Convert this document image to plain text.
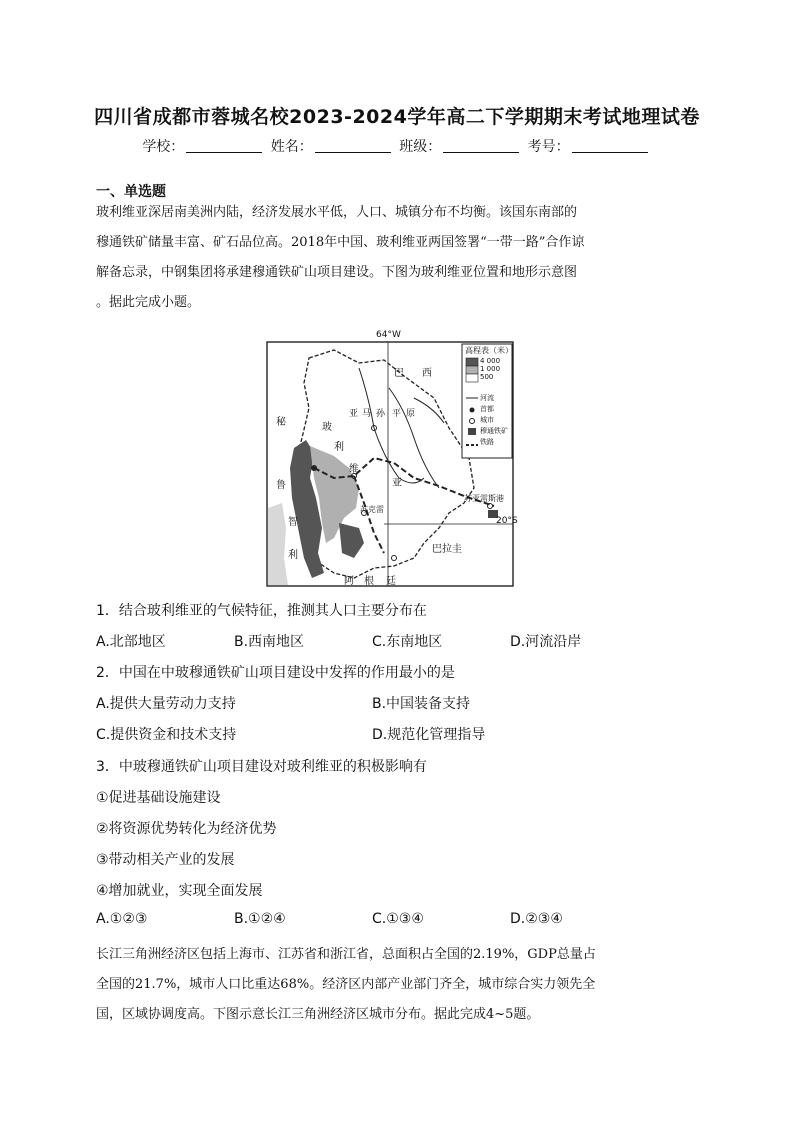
四川省成都市蓉城名校2023-2024学年高二下学期期末考试地理试卷
学校：	姓名：	班级：	考号：
一、单选题
玻利维亚深居南美洲内陆，经济发展水平低，人口、城镇分布不均衡。该国东南部的
穆通铁矿储量丰富、矿石品位高。2018年中国、玻利维亚两国签署“一带一路”合作谅
解备忘录，中钢集团将承建穆通铁矿山项目建设。下图为玻利维亚位置和地形示意图
。据此完成小题。
64°W
20°S
高程表（米）
4 000
1 000
500
河流
首都
城市
穆通铁矿
铁路
巴 西
秘
鲁
玻
利
维
亚
亚 马 孙 平 原
智
利
阿 根 廷
巴拉圭
苏克雷
苏亚雷斯港
1．结合玻利维亚的气候特征，推测其人口主要分布在
A.北部地区	B.西南地区	C.东南地区	D.河流沿岸
2．中国在中玻穆通铁矿山项目建设中发挥的作用最小的是
A.提供大量劳动力支持	B.中国装备支持
C.提供资金和技术支持	D.规范化管理指导
3．中玻穆通铁矿山项目建设对玻利维亚的积极影响有
①促进基础设施建设
②将资源优势转化为经济优势
③带动相关产业的发展
④增加就业，实现全面发展
A.①②③	B.①②④	C.①③④	D.②③④
长江三角洲经济区包括上海市、江苏省和浙江省，总面积占全国的2.19%，GDP总量占
全国的21.7%，城市人口比重达68%。经济区内部产业部门齐全，城市综合实力领先全
国，区域协调度高。下图示意长江三角洲经济区城市分布。据此完成4~5题。
